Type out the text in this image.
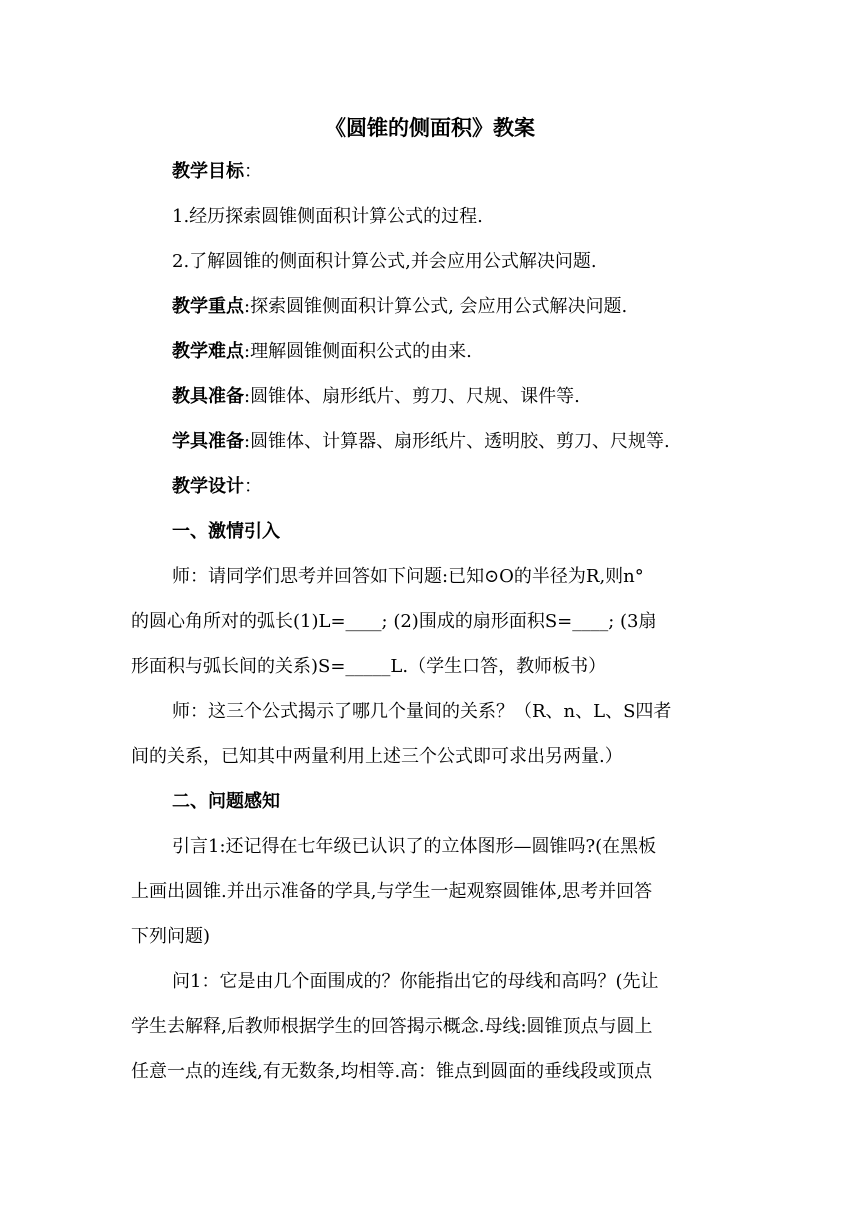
《圆锥的侧面积》教案
教学目标：
1.经历探索圆锥侧面积计算公式的过程.
2.了解圆锥的侧面积计算公式,并会应用公式解决问题.
教学重点:探索圆锥侧面积计算公式, 会应用公式解决问题.
教学难点:理解圆锥侧面积公式的由来.
教具准备:圆锥体、扇形纸片、剪刀、尺规、课件等.
学具准备:圆锥体、计算器、扇形纸片、透明胶、剪刀、尺规等.
教学设计：
一、激情引入
师：请同学们思考并回答如下问题:已知⊙O的半径为R,则n°
的圆心角所对的弧长(1)L=____; (2)围成的扇形面积S=____; (3扇
形面积与弧长间的关系)S=_____L.（学生口答，教师板书）
师：这三个公式揭示了哪几个量间的关系？（R、n、L、S四者
间的关系，已知其中两量利用上述三个公式即可求出另两量.）
二、问题感知
引言1:还记得在七年级已认识了的立体图形—圆锥吗?(在黑板
上画出圆锥.并出示准备的学具,与学生一起观察圆锥体,思考并回答
下列问题)
问1：它是由几个面围成的？你能指出它的母线和高吗？(先让
学生去解释,后教师根据学生的回答揭示概念.母线:圆锥顶点与圆上
任意一点的连线,有无数条,均相等.高：锥点到圆面的垂线段或顶点
